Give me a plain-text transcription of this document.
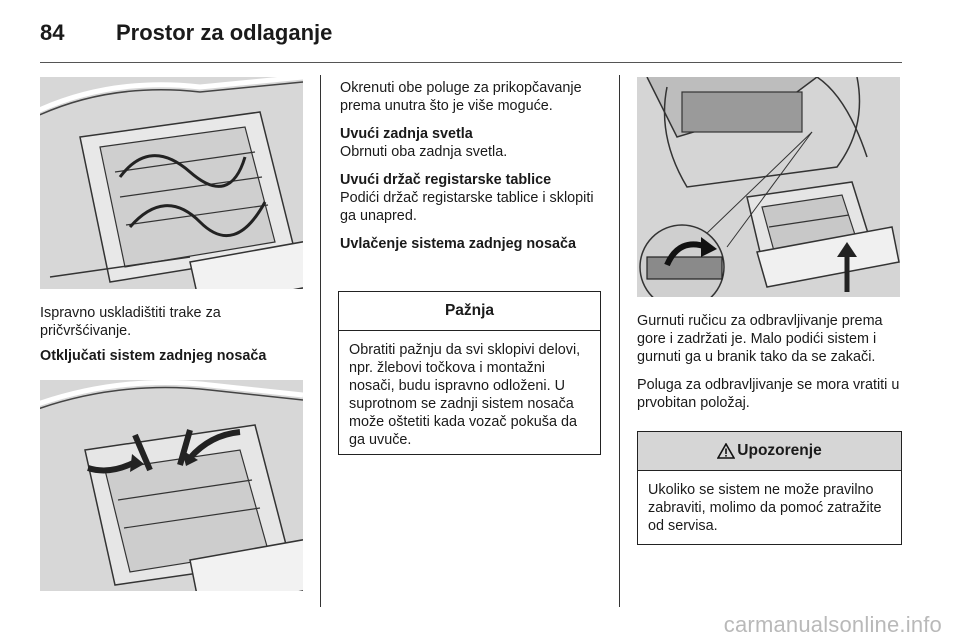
84 Prostor za odlaganje

Ispravno uskladištiti trake za pričvršćivanje.

Otključati sistem zadnjeg nosača

Okrenuti obe poluge za prikopčavanje prema unutra što je više moguće.

Uvući zadnja svetla

Obrnuti oba zadnja svetla.

Uvući držač registarske tablice

Podići držač registarske tablice i sklopiti ga unapred.

Uvlačenje sistema zadnjeg nosača
Pažnja
Obratiti pažnju da svi sklopivi delovi, npr. žlebovi točkova i montažni nosači, budu ispravno odloženi. U suprotnom se zadnji sistem nosača može oštetiti kada vozač pokuša da ga uvuče.

Gurnuti ručicu za odbravljivanje prema gore i zadržati je. Malo podići sistem i gurnuti ga u branik tako da se zakači.

Poluga za odbravljivanje se mora vratiti u prvobitan položaj.

Upozorenje
Ukoliko se sistem ne može pravilno zabraviti, molimo da pomoć zatražite od servisa.
carmanualsonline.info
